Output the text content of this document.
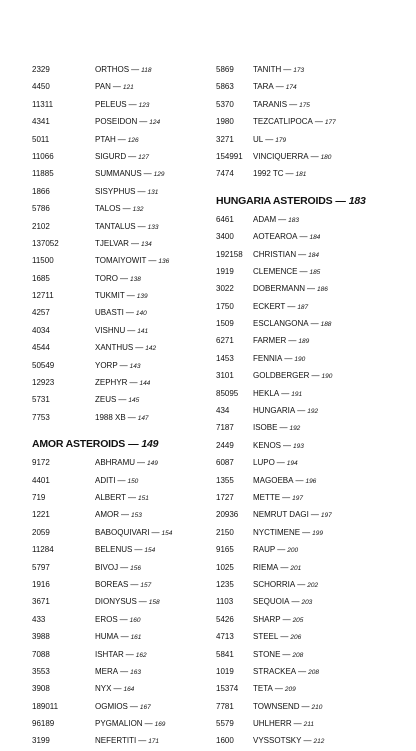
2329	ORTHOS — 118
4450	PAN — 121
11311	PELEUS — 123
4341	POSEIDON — 124
5011	PTAH — 126
11066	SIGURD — 127
11885	SUMMANUS — 129
1866	SISYPHUS — 131
5786	TALOS — 132
2102	TANTALUS — 133
137052	TJELVAR — 134
11500	TOMAIYOWIT — 136
1685	TORO — 138
12711	TUKMIT — 139
4257	UBASTI — 140
4034	VISHNU — 141
4544	XANTHUS — 142
50549	YORP — 143
12923	ZEPHYR — 144
5731	ZEUS — 145
7753	1988 XB — 147
AMOR ASTEROIDS — 149
9172	ABHRAMU — 149
4401	ADITI — 150
719	ALBERT — 151
1221	AMOR — 153
2059	BABOQUIVARI — 154
11284	BELENUS — 154
5797	BIVOJ — 156
1916	BOREAS — 157
3671	DIONYSUS — 158
433	EROS — 160
3988	HUMA — 161
7088	ISHTAR — 162
3553	MERA — 163
3908	NYX — 164
189011	OGMIOS — 167
96189	PYGMALION — 169
3199	NEFERTITI — 171
5869	TANITH — 173
5863	TARA — 174
5370	TARANIS — 175
1980	TEZCATLIPOCA — 177
3271	UL — 179
154991	VINCIQUERRA — 180
7474	1992 TC — 181
HUNGARIA ASTEROIDS — 183
6461	ADAM — 183
3400	AOTEAROA — 184
192158	CHRISTIAN — 184
1919	CLEMENCE — 185
3022	DOBERMANN — 186
1750	ECKERT — 187
1509	ESCLANGONA — 188
6271	FARMER — 189
1453	FENNIA — 190
3101	GOLDBERGER — 190
85095	HEKLA — 191
434	HUNGARIA — 192
7187	ISOBE — 192
2449	KENOS — 193
6087	LUPO — 194
1355	MAGOEBA — 196
1727	METTE — 197
20936	NEMRUT DAGI — 197
2150	NYCTIMENE — 199
9165	RAUP — 200
1025	RIEMA — 201
1235	SCHORRIA — 202
1103	SEQUOIA — 203
5426	SHARP — 205
4713	STEEL — 206
5841	STONE — 208
1019	STRACKEA — 208
15374	TETA — 209
7781	TOWNSEND — 210
5579	UHLHERR — 211
1600	VYSSOTSKY — 212
